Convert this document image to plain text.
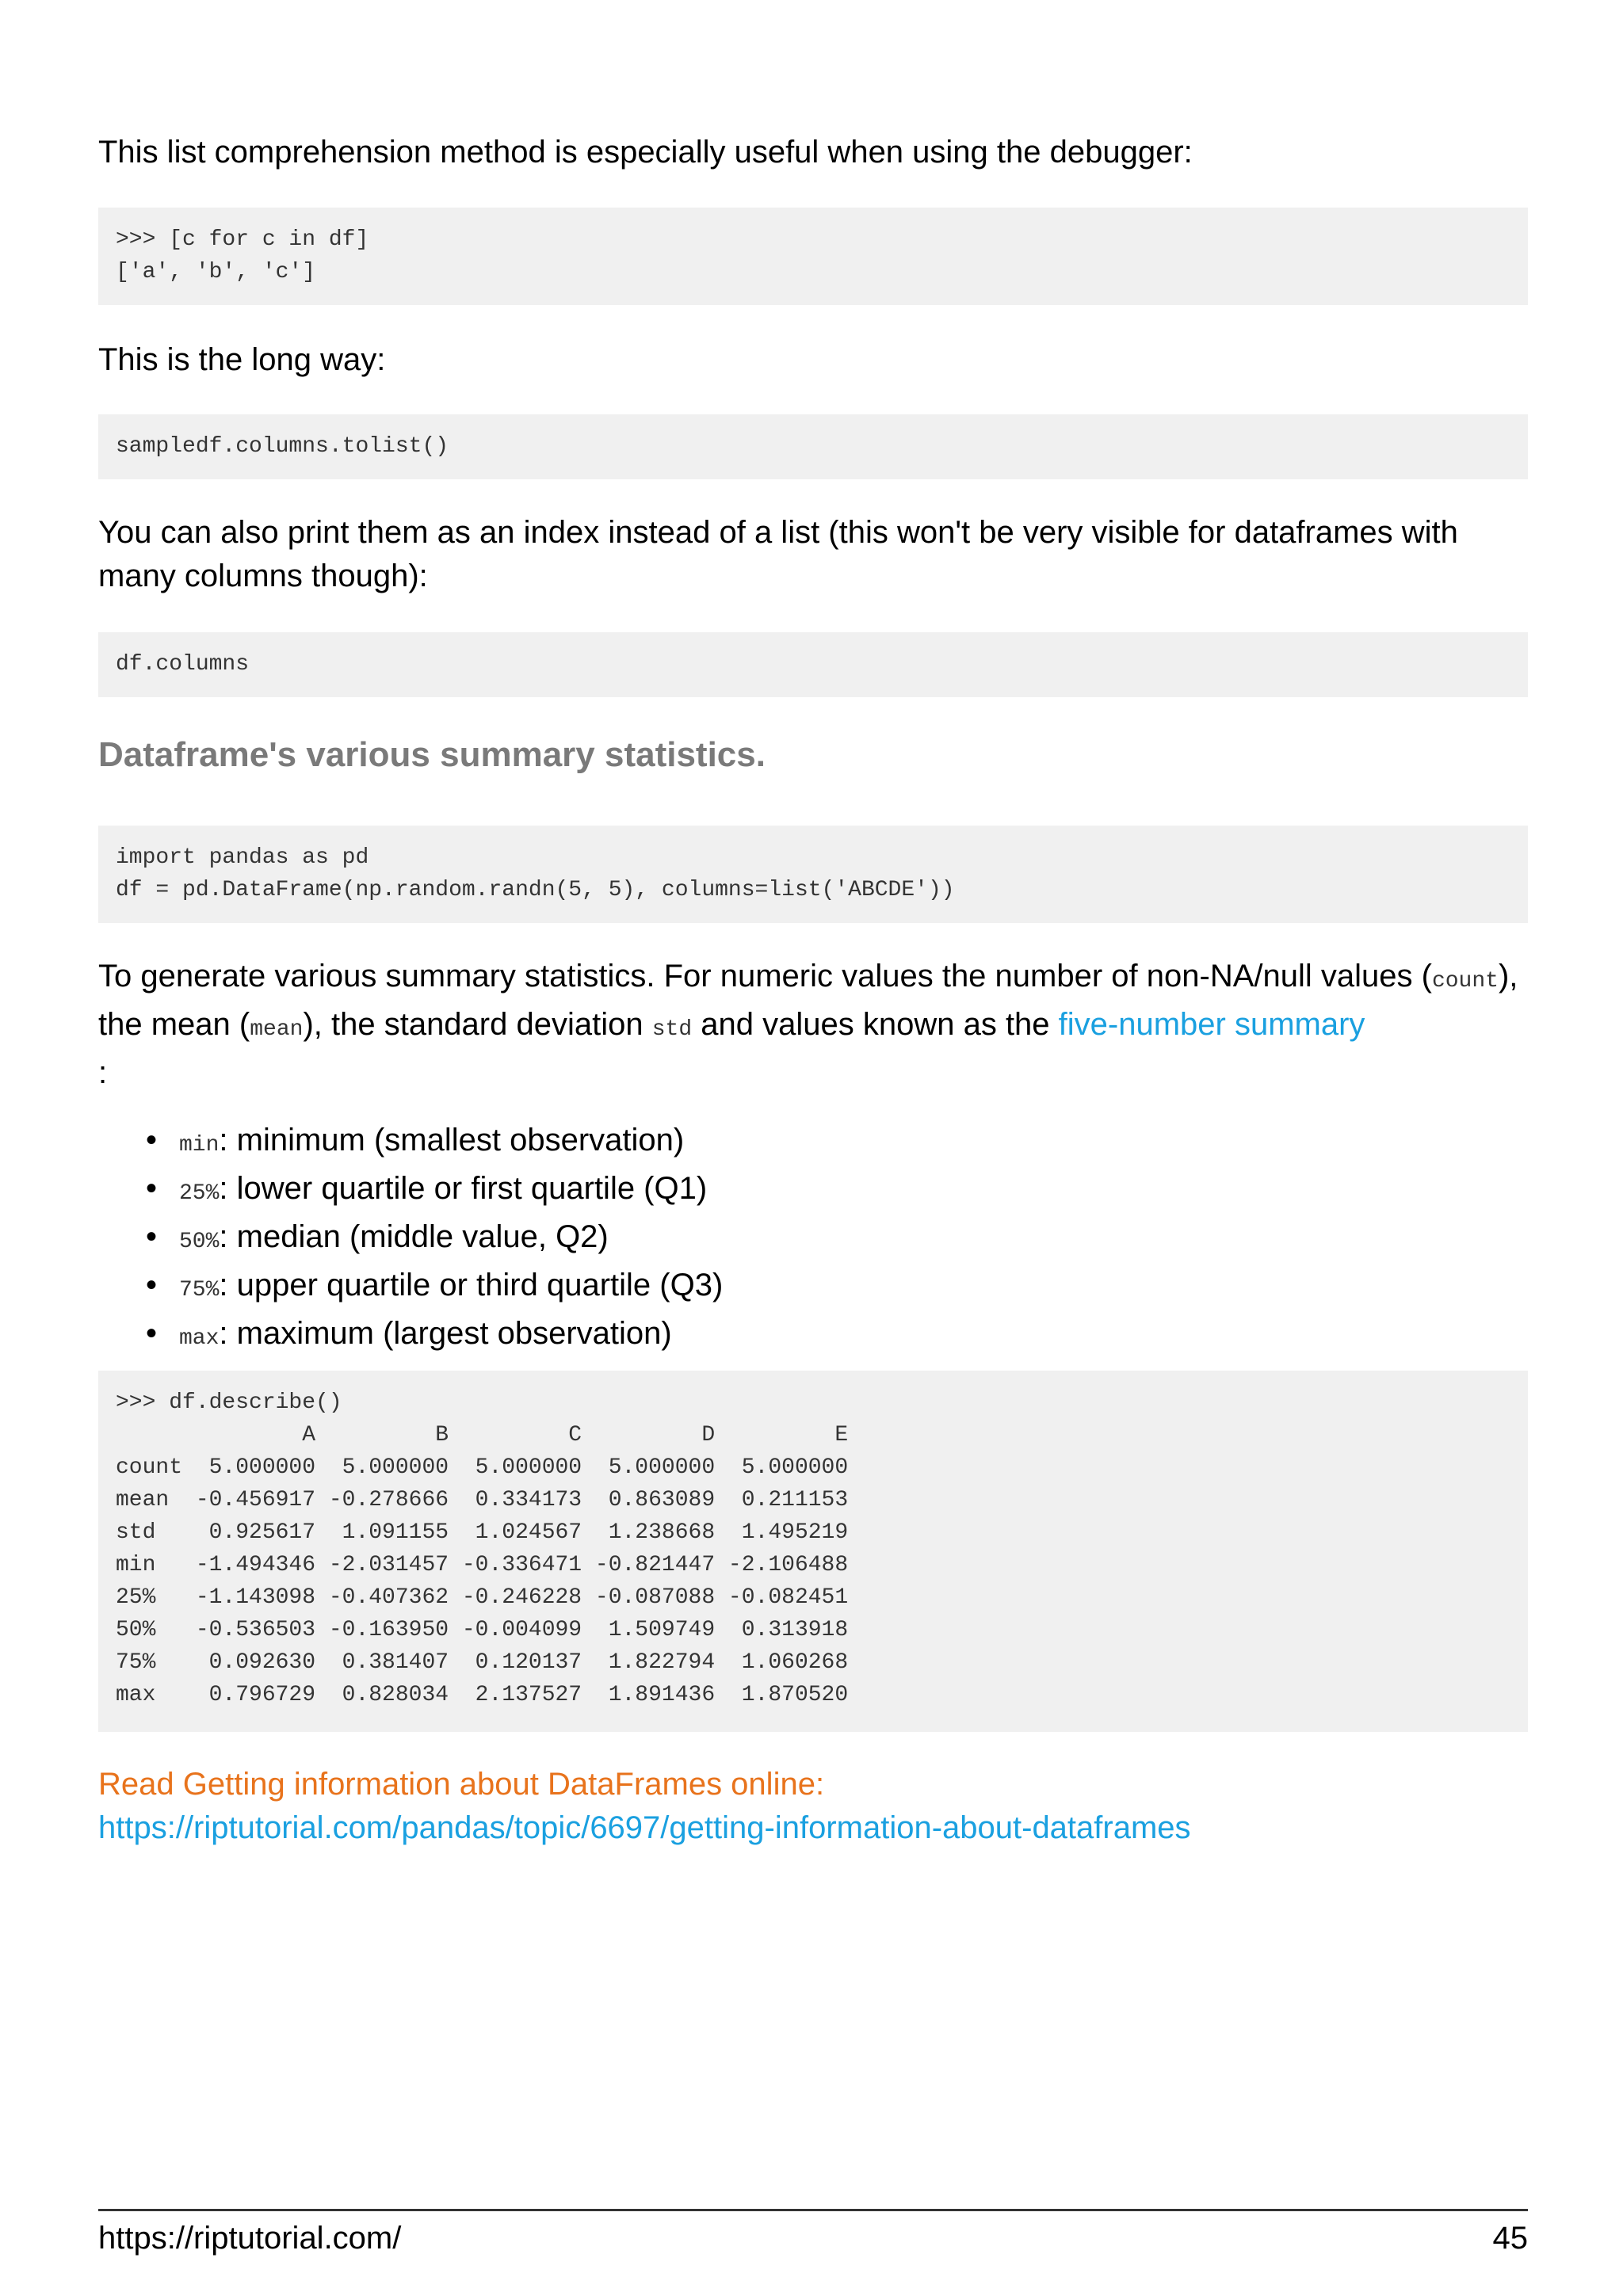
This list comprehension method is especially useful when using the debugger:

>>> [c for c in df]
['a', 'b', 'c']

This is the long way:

sampledf.columns.tolist()

You can also print them as an index instead of a list (this won't be very visible for dataframes with many columns though):

df.columns
Dataframe's various summary statistics.
import pandas as pd
df = pd.DataFrame(np.random.randn(5, 5), columns=list('ABCDE'))

To generate various summary statistics. For numeric values the number of non-NA/null values (count), the mean (mean), the standard deviation std and values known as the five-number summary
:

• min: minimum (smallest observation)
• 25%: lower quartile or first quartile (Q1)
• 50%: median (middle value, Q2)
• 75%: upper quartile or third quartile (Q3)
• max: maximum (largest observation)
>>> df.describe()
A         B         C         D         E
count  5.000000  5.000000  5.000000  5.000000  5.000000
mean  -0.456917 -0.278666  0.334173  0.863089  0.211153
std    0.925617  1.091155  1.024567  1.238668  1.495219
min   -1.494346 -2.031457 -0.336471 -0.821447 -2.106488
25%   -1.143098 -0.407362 -0.246228 -0.087088 -0.082451
50%   -0.536503 -0.163950 -0.004099  1.509749  0.313918
75%    0.092630  0.381407  0.120137  1.822794  1.060268
max    0.796729  0.828034  2.137527  1.891436  1.870520
Read Getting information about DataFrames online:
https://riptutorial.com/pandas/topic/6697/getting-information-about-dataframes
https://riptutorial.com/	45
